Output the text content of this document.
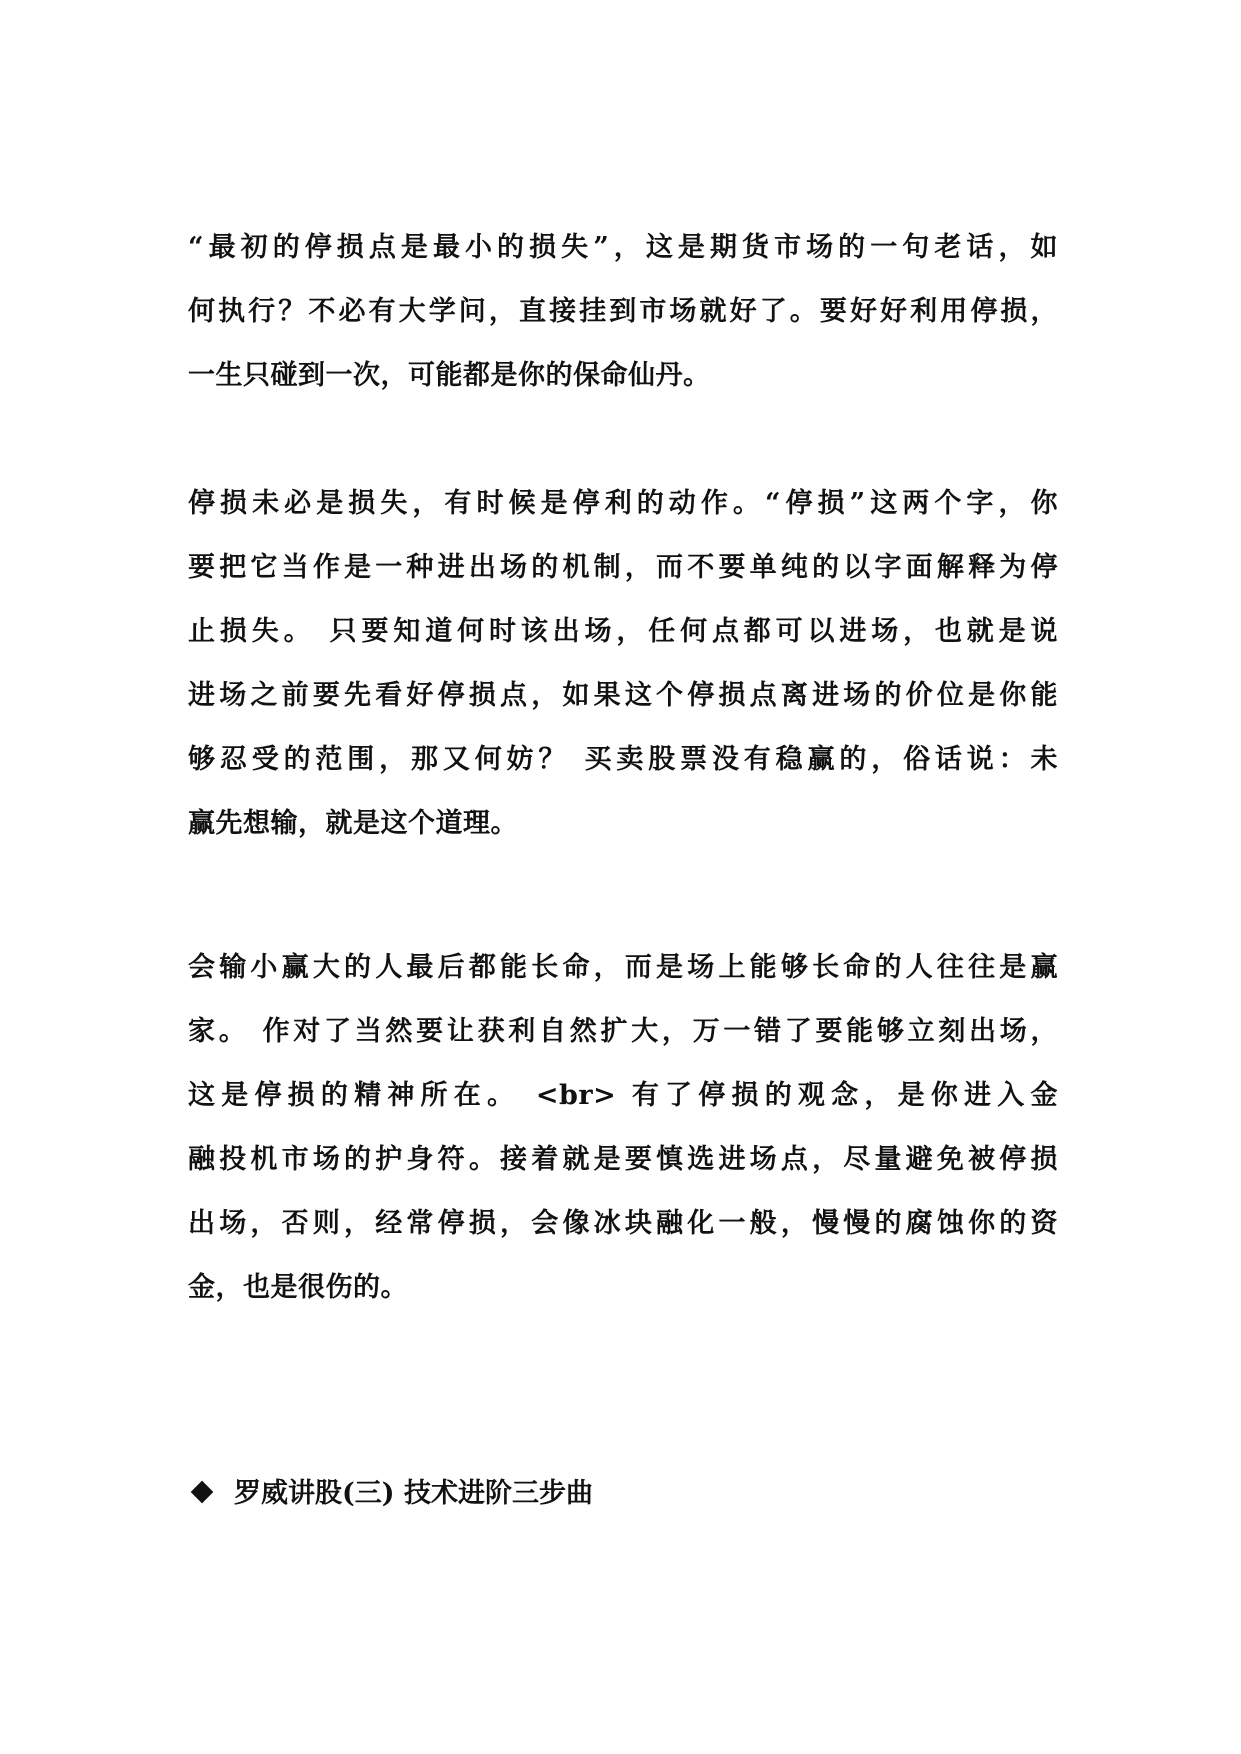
“最初的停损点是最小的损失”，这是期货市场的一句老话，如
何执行？不必有大学问，直接挂到市场就好了。要好好利用停损，
一生只碰到一次，可能都是你的保命仙丹。
停损未必是损失，有时候是停利的动作。“停损”这两个字，你
要把它当作是一种进出场的机制，而不要单纯的以字面解释为停
止损失。 只要知道何时该出场，任何点都可以进场，也就是说
进场之前要先看好停损点，如果这个停损点离进场的价位是你能
够忍受的范围，那又何妨？ 买卖股票没有稳赢的，俗话说：未
赢先想输，就是这个道理。
会输小赢大的人最后都能长命，而是场上能够长命的人往往是赢
家。 作对了当然要让获利自然扩大，万一错了要能够立刻出场，
这是停损的精神所在。 <br> 有了停损的观念，是你进入金
融投机市场的护身符。接着就是要慎选进场点，尽量避免被停损
出场，否则，经常停损，会像冰块融化一般，慢慢的腐蚀你的资
金，也是很伤的。
罗威讲股(三) 技术进阶三步曲
